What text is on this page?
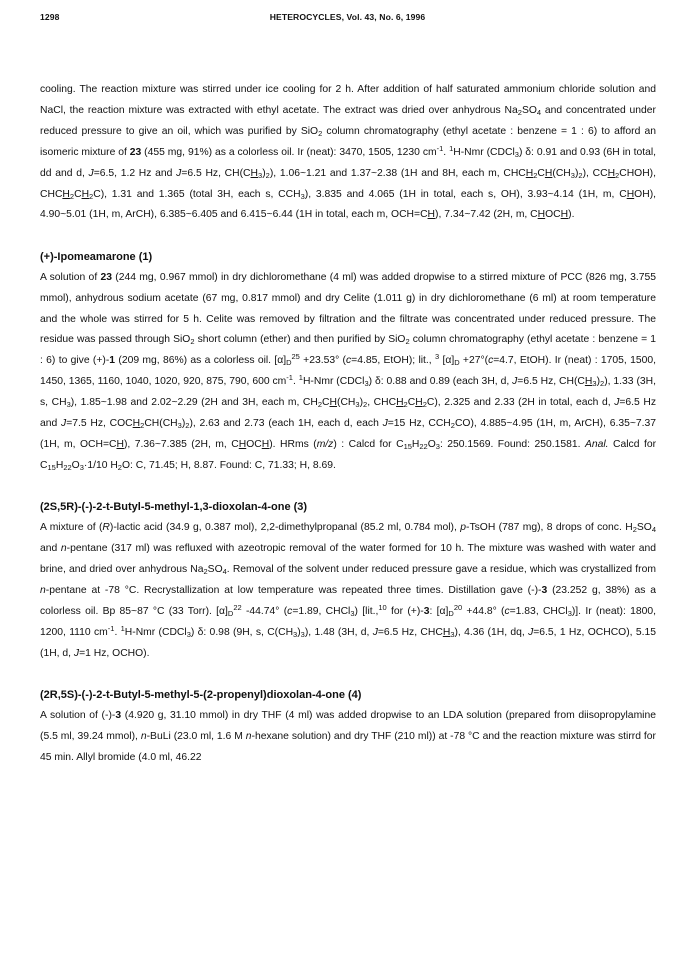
1298	HETEROCYCLES, Vol. 43, No. 6, 1996

cooling. The reaction mixture was stirred under ice cooling for 2 h. After addition of half saturated ammonium chloride solution and NaCl, the reaction mixture was extracted with ethyl acetate. The extract was dried over anhydrous $Na_2SO_4$ and concentrated under reduced pressure to give an oil, which was purified by SiO$_2$ column chromatography (ethyl acetate : benzene = 1 : 6) to afford an isomeric mixture of 23 (455 mg, 91%) as a colorless oil. Ir (neat): 3470, 1505, 1230 $cm^{-1}$. $^1$H-Nmr (CDCl$_3$) δ: 0.91 and 0.93 (6H in total, dd and d, J=6.5, 1.2 Hz and J=6.5 Hz, $CH(CH_3)_2$), 1.06~1.21 and 1.37~2.38 (1H and 8H, each m, $CHCH_2CH(CH_3)_2$), $CCH_2CHOH$), $CHCH_2CH_2C$), 1.31 and 1.365 (total 3H, each s, $CCH_3$), 3.835 and 4.065 (1H in total, each s, OH), 3.93~4.14 (1H, m, CHOH), 4.90~5.01 (1H, m, ArCH), 6.385~6.405 and 6.415~6.44 (1H in total, each m, OCH=CH), 7.34~7.42 (2H, m, CHOCH).

(+)-Ipomeamarone (1)

A solution of 23 (244 mg, 0.967 mmol) in dry dichloromethane (4 ml) was added dropwise to a stirred mixture of PCC (826 mg, 3.755 mmol), anhydrous sodium acetate (67 mg, 0.817 mmol) and dry Celite (1.011 g) in dry dichloromethane (6 ml) at room temperature and the whole was stirred for 5 h. Celite was removed by filtration and the filtrate was concentrated under reduced pressure. The residue was passed through SiO$_2$ short column (ether) and then purified by SiO$_2$ column chromatography (ethyl acetate : benzene = 1 : 6) to give (+)-1 (209 mg, 86%) as a colorless oil. $[\alpha]_D^{25} +23.53^\circ$ (c=4.85, EtOH); lit., $^3$ $[\alpha]_D +27^\circ(c=4.7$, EtOH). Ir (neat) : 1705, 1500, 1450, 1365, 1160, 1040, 1020, 920, 875, 790, 600 $cm^{-1}$. $^1$H-Nmr (CDCl$_3$) δ: 0.88 and 0.89 (each 3H, d, J=6.5 Hz, $CH(CH_3)_2$), 1.33 (3H, s, $CH_3$), 1.85~1.98 and 2.02~2.29 (2H and 3H, each m, $CH_2CH(CH_3)_2$, $CHCH_2CH_2C$), 2.325 and 2.33 (2H in total, each d, J=6.5 Hz and J=7.5 Hz, $COCH_2CH(CH_3)_2$), 2.63 and 2.73 (each 1H, each d, each J=15 Hz, $CCH_2CO$), 4.885~4.95 (1H, m, ArCH), 6.35~7.37 (1H, m, OCH=CH), 7.36~7.385 (2H, m, CHOCH). HRms (m/z) : Calcd for $C_{15}H_{22}O_3$: 250.1569. Found: 250.1581. Anal. Calcd for $C_{15}H_{22}O_3\cdot 1/10$ $H_2O$: C, 71.45; H, 8.87. Found: C, 71.33; H, 8.69.

(2S,5R)-(-)-2-t-Butyl-5-methyl-1,3-dioxolan-4-one (3)

A mixture of (R)-lactic acid (34.9 g, 0.387 mol), 2,2-dimethylpropanal (85.2 ml, 0.784 mol), p-TsOH (787 mg), 8 drops of conc. $H_2SO_4$ and n-pentane (317 ml) was refluxed with azeotropic removal of the water formed for 10 h. The mixture was washed with water and brine, and dried over anhydrous $Na_2SO_4$. Removal of the solvent under reduced pressure gave a residue, which was crystallized from n-pentane at -78 °C. Recrystallization at low temperature was repeated three times. Distillation gave (-)-3 (23.252 g, 38%) as a colorless oil. Bp 85~87 °C (33 Torr). $[\alpha]_D^{22}$ -44.74° (c=1.89, CHCl$_3$) [lit.,$^{10}$ for (+)-3: $[\alpha]_D^{20} +44.8^\circ$ (c=1.83, CHCl$_3$)]. Ir (neat): 1800, 1200, 1110 $cm^{-1}$. $^1$H-Nmr (CDCl$_3$) δ: 0.98 (9H, s, $C(CH_3)_3$), 1.48 (3H, d, J=6.5 Hz, $CHCH_3$), 4.36 (1H, dq, J=6.5, 1 Hz, OCHCO), 5.15 (1H, d, J=1 Hz, OCHO).

(2R,5S)-(-)-2-t-Butyl-5-methyl-5-(2-propenyl)dioxolan-4-one (4)

A solution of (-)-3 (4.920 g, 31.10 mmol) in dry THF (4 ml) was added dropwise to an LDA solution (prepared from diisopropylamine (5.5 ml, 39.24 mmol), n-BuLi (23.0 ml, 1.6 M n-hexane solution) and dry THF (210 ml)) at -78 °C and the reaction mixture was stirrd for 45 min. Allyl bromide (4.0 ml, 46.22
